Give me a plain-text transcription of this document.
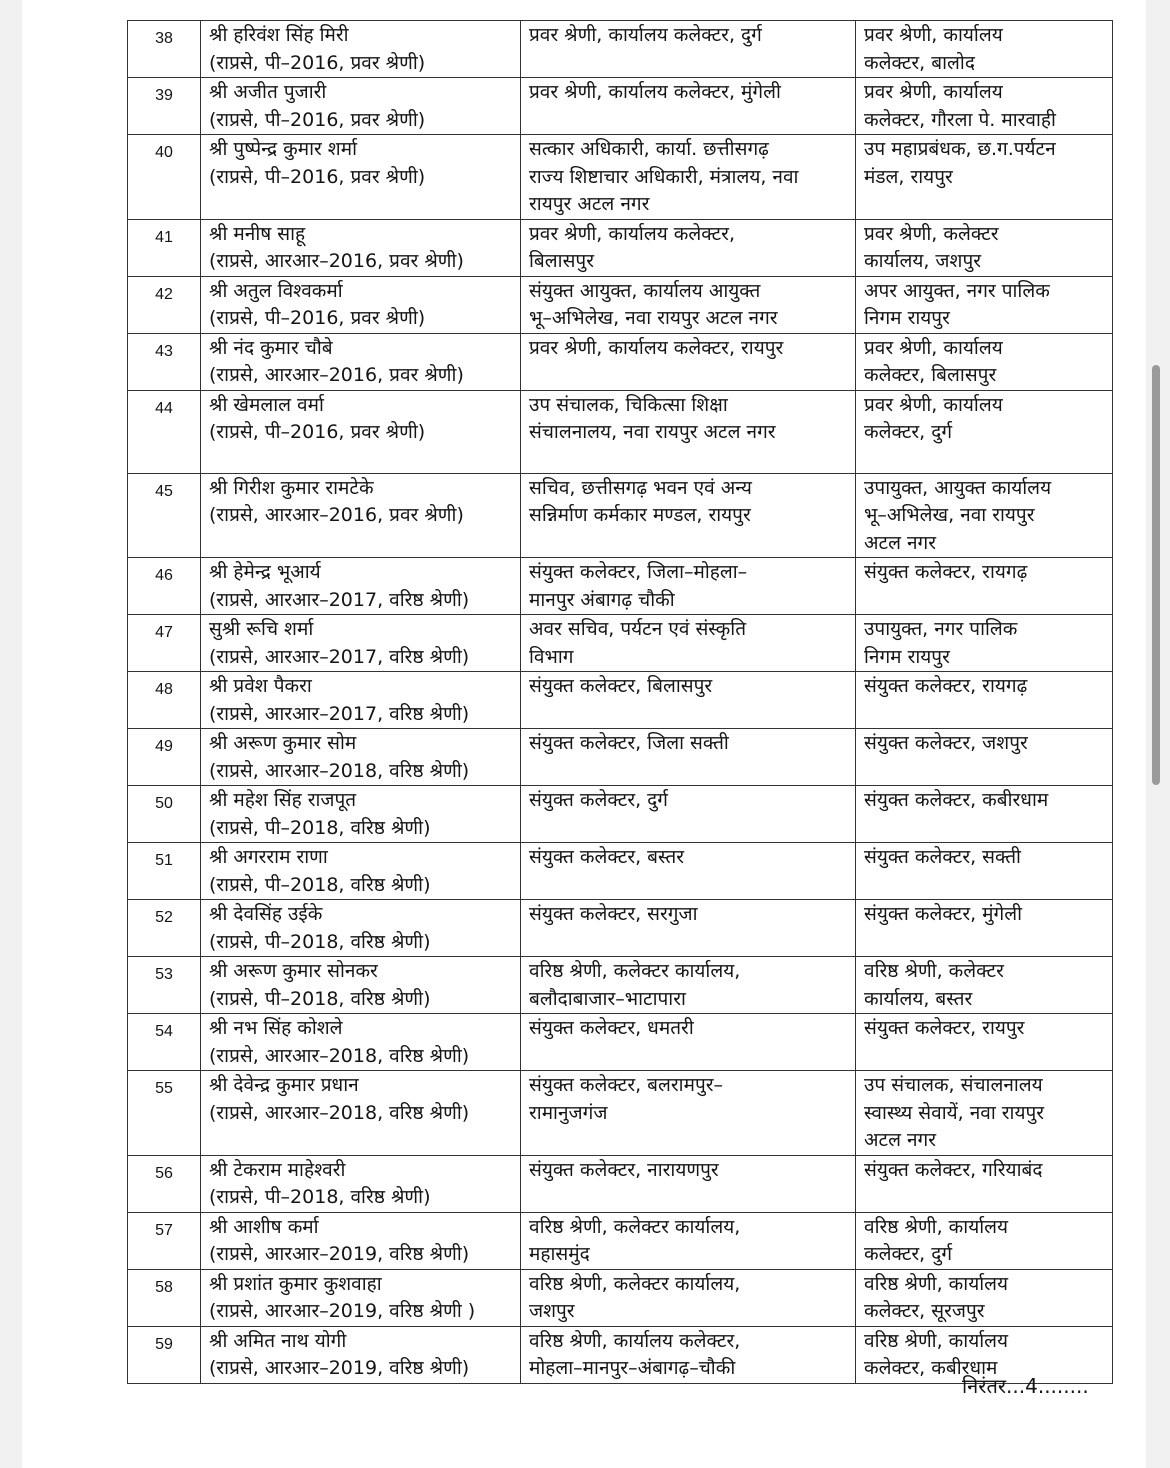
38	श्री हरिवंश सिंह मिरी
(राप्रसे, पी–2016, प्रवर श्रेणी)	प्रवर श्रेणी, कार्यालय कलेक्टर, दुर्ग	प्रवर श्रेणी, कार्यालय
कलेक्टर, बालोद

39	श्री अजीत पुजारी
(राप्रसे, पी–2016, प्रवर श्रेणी)	प्रवर श्रेणी, कार्यालय कलेक्टर, मुंगेली	प्रवर श्रेणी, कार्यालय
कलेक्टर, गौरला पे. मारवाही

40	श्री पुष्पेन्द्र कुमार शर्मा
(राप्रसे, पी–2016, प्रवर श्रेणी)	सत्कार अधिकारी, कार्या. छत्तीसगढ़
राज्य शिष्टाचार अधिकारी, मंत्रालय, नवा
रायपुर अटल नगर	उप महाप्रबंधक, छ.ग.पर्यटन
मंडल, रायपुर

41	श्री मनीष साहू
(राप्रसे, आरआर–2016, प्रवर श्रेणी)	प्रवर श्रेणी, कार्यालय कलेक्टर,
बिलासपुर	प्रवर श्रेणी, कलेक्टर
कार्यालय, जशपुर

42	श्री अतुल विश्वकर्मा
(राप्रसे, पी–2016, प्रवर श्रेणी)	संयुक्त आयुक्त, कार्यालय आयुक्त
भू–अभिलेख, नवा रायपुर अटल नगर	अपर आयुक्त, नगर पालिक
निगम रायपुर

43	श्री नंद कुमार चौबे
(राप्रसे, आरआर–2016, प्रवर श्रेणी)	प्रवर श्रेणी, कार्यालय कलेक्टर, रायपुर	प्रवर श्रेणी, कार्यालय
कलेक्टर, बिलासपुर

44	श्री खेमलाल वर्मा
(राप्रसे, पी–2016, प्रवर श्रेणी)	उप संचालक, चिकित्सा शिक्षा
संचालनालय, नवा रायपुर अटल नगर	प्रवर श्रेणी, कार्यालय
कलेक्टर, दुर्ग

45	श्री गिरीश कुमार रामटेके
(राप्रसे, आरआर–2016, प्रवर श्रेणी)	सचिव, छत्तीसगढ़ भवन एवं अन्य
सन्निर्माण कर्मकार मण्डल, रायपुर	उपायुक्त, आयुक्त कार्यालय
भू–अभिलेख, नवा रायपुर
अटल नगर

46	श्री हेमेन्द्र भूआर्य
(राप्रसे, आरआर–2017, वरिष्ठ श्रेणी)	संयुक्त कलेक्टर, जिला–मोहला–
मानपुर अंबागढ़ चौकी	संयुक्त कलेक्टर, रायगढ़

47	सुश्री रूचि शर्मा
(राप्रसे, आरआर–2017, वरिष्ठ श्रेणी)	अवर सचिव, पर्यटन एवं संस्कृति
विभाग	उपायुक्त, नगर पालिक
निगम रायपुर

48	श्री प्रवेश पैकरा
(राप्रसे, आरआर–2017, वरिष्ठ श्रेणी)	संयुक्त कलेक्टर, बिलासपुर	संयुक्त कलेक्टर, रायगढ़

49	श्री अरूण कुमार सोम
(राप्रसे, आरआर–2018, वरिष्ठ श्रेणी)	संयुक्त कलेक्टर, जिला सक्ती	संयुक्त कलेक्टर, जशपुर

50	श्री महेश सिंह राजपूत
(राप्रसे, पी–2018, वरिष्ठ श्रेणी)	संयुक्त कलेक्टर, दुर्ग	संयुक्त कलेक्टर, कबीरधाम

51	श्री अगरराम राणा
(राप्रसे, पी–2018, वरिष्ठ श्रेणी)	संयुक्त कलेक्टर, बस्तर	संयुक्त कलेक्टर, सक्ती

52	श्री देवसिंह उईके
(राप्रसे, पी–2018, वरिष्ठ श्रेणी)	संयुक्त कलेक्टर, सरगुजा	संयुक्त कलेक्टर, मुंगेली

53	श्री अरूण कुमार सोनकर
(राप्रसे, पी–2018, वरिष्ठ श्रेणी)	वरिष्ठ श्रेणी, कलेक्टर कार्यालय,
बलौदाबाजार–भाटापारा	वरिष्ठ श्रेणी, कलेक्टर
कार्यालय, बस्तर

54	श्री नभ सिंह कोशले
(राप्रसे, आरआर–2018, वरिष्ठ श्रेणी)	संयुक्त कलेक्टर, धमतरी	संयुक्त कलेक्टर, रायपुर

55	श्री देवेन्द्र कुमार प्रधान
(राप्रसे, आरआर–2018, वरिष्ठ श्रेणी)	संयुक्त कलेक्टर, बलरामपुर–
रामानुजगंज	उप संचालक, संचालनालय
स्वास्थ्य सेवायें, नवा रायपुर
अटल नगर

56	श्री टेकराम माहेश्वरी
(राप्रसे, पी–2018, वरिष्ठ श्रेणी)	संयुक्त कलेक्टर, नारायणपुर	संयुक्त कलेक्टर, गरियाबंद

57	श्री आशीष कर्मा
(राप्रसे, आरआर–2019, वरिष्ठ श्रेणी)	वरिष्ठ श्रेणी, कलेक्टर कार्यालय,
महासमुंद	वरिष्ठ श्रेणी, कार्यालय
कलेक्टर, दुर्ग

58	श्री प्रशांत कुमार कुशवाहा
(राप्रसे, आरआर–2019, वरिष्ठ श्रेणी )	वरिष्ठ श्रेणी, कलेक्टर कार्यालय,
जशपुर	वरिष्ठ श्रेणी, कार्यालय
कलेक्टर, सूरजपुर

59	श्री अमित नाथ योगी
(राप्रसे, आरआर–2019, वरिष्ठ श्रेणी)	वरिष्ठ श्रेणी, कार्यालय कलेक्टर,
मोहला–मानपुर–अंबागढ़–चौकी	वरिष्ठ श्रेणी, कार्यालय
कलेक्टर, कबीरधाम
निरंतर...4........
